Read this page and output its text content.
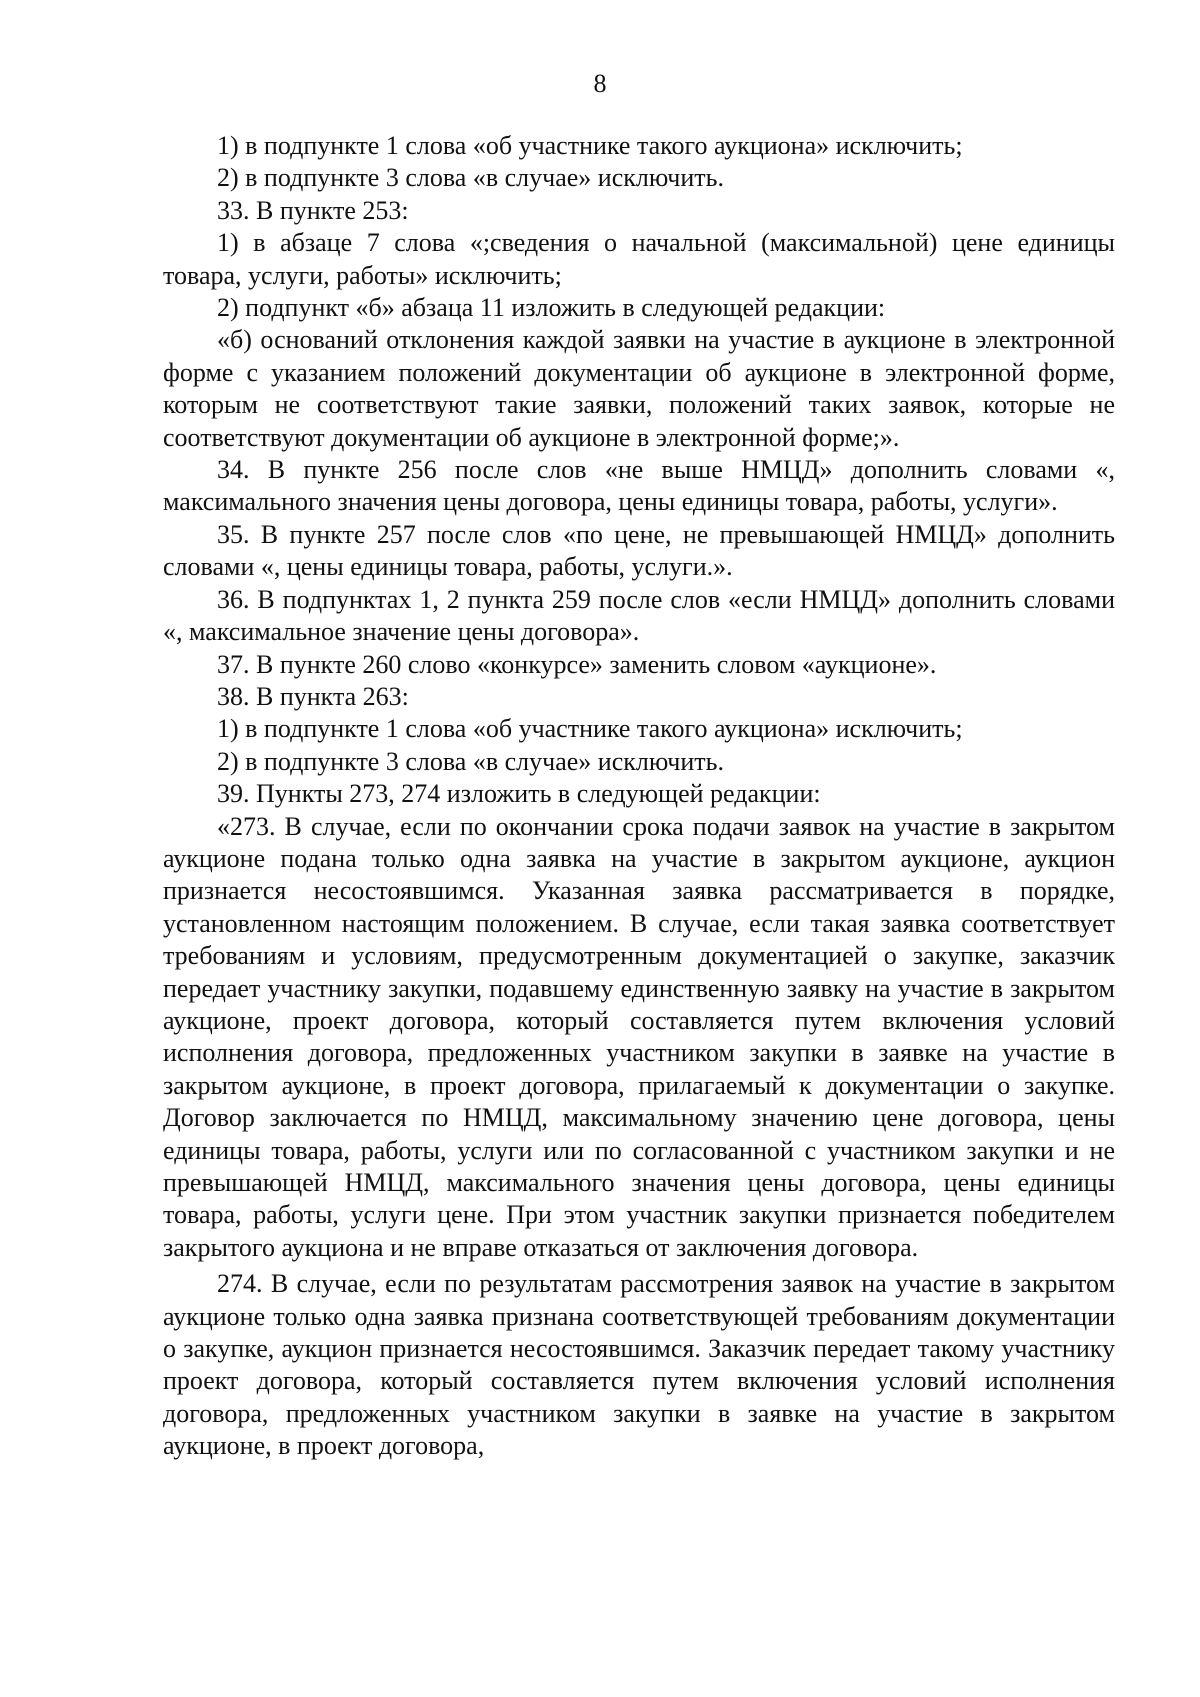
8

1) в подпункте 1 слова «об участнике такого аукциона» исключить;

2) в подпункте 3 слова «в случае» исключить.

33. В пункте 253:

1) в абзаце 7 слова «;сведения о начальной (максимальной) цене единицы товара, услуги, работы» исключить;

2) подпункт «б» абзаца 11 изложить в следующей редакции:

«б) оснований отклонения каждой заявки на участие в аукционе в электронной форме с указанием положений документации об аукционе в электронной форме, которым не соответствуют такие заявки, положений таких заявок, которые не соответствуют документации об аукционе в электронной форме;».

34. В пункте 256 после слов «не выше НМЦД» дополнить словами «, максимального значения цены договора, цены единицы товара, работы, услуги».

35. В пункте 257 после слов «по цене, не превышающей НМЦД» дополнить словами «, цены единицы товара, работы, услуги.».

36. В подпунктах 1, 2 пункта 259 после слов «если НМЦД» дополнить словами «, максимальное значение цены договора».

37. В пункте 260 слово «конкурсе» заменить словом «аукционе».

38. В пункта 263:

1) в подпункте 1 слова «об участнике такого аукциона» исключить;

2) в подпункте 3 слова «в случае» исключить.

39. Пункты 273, 274 изложить в следующей редакции:

«273. В случае, если по окончании срока подачи заявок на участие в закрытом аукционе подана только одна заявка на участие в закрытом аукционе, аукцион признается несостоявшимся. Указанная заявка рассматривается в порядке, установленном настоящим положением. В случае, если такая заявка соответствует требованиям и условиям, предусмотренным документацией о закупке, заказчик передает участнику закупки, подавшему единственную заявку на участие в закрытом аукционе, проект договора, который составляется путем включения условий исполнения договора, предложенных участником закупки в заявке на участие в закрытом аукционе, в проект договора, прилагаемый к документации о закупке. Договор заключается по НМЦД, максимальному значению цене договора, цены единицы товара, работы, услуги или по согласованной с участником закупки и не превышающей НМЦД, максимального значения цены договора, цены единицы товара, работы, услуги цене. При этом участник закупки признается победителем закрытого аукциона и не вправе отказаться от заключения договора.

274. В случае, если по результатам рассмотрения заявок на участие в закрытом аукционе только одна заявка признана соответствующей требованиям документации о закупке, аукцион признается несостоявшимся. Заказчик передает такому участнику проект договора, который составляется путем включения условий исполнения договора, предложенных участником закупки в заявке на участие в закрытом аукционе, в проект договора,
